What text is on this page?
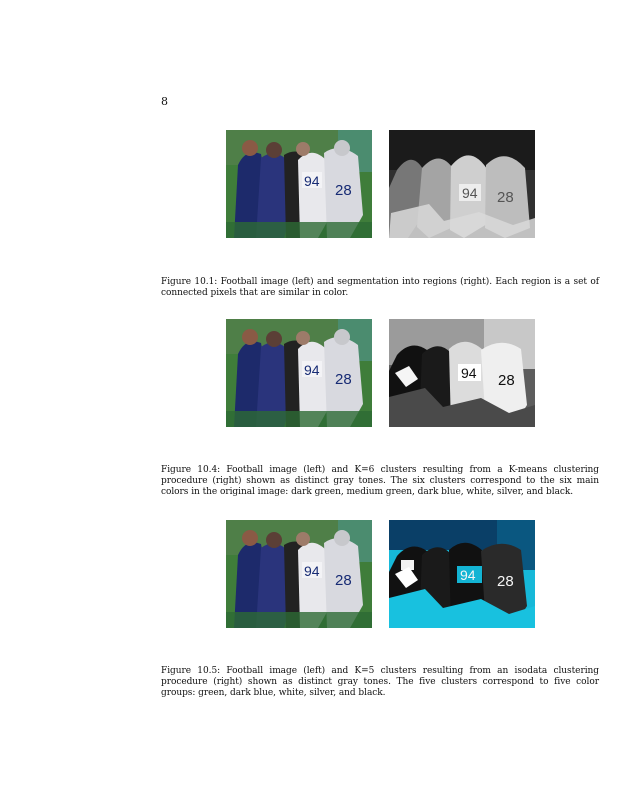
8
94
28	94 28
Figure 10.1: Football image (left) and segmentation into regions (right). Each region is a set of connected pixels that are similar in color.
94
28	94 28
Figure 10.4: Football image (left) and K=6 clusters resulting from a K-means clustering procedure (right) shown as distinct gray tones. The six clusters correspond to the six main colors in the original image: dark green, medium green, dark blue, white, silver, and black.
94
28	94 28
Figure 10.5: Football image (left) and K=5 clusters resulting from an isodata clustering procedure (right) shown as distinct gray tones. The five clusters correspond to five color groups: green, dark blue, white, silver, and black.
